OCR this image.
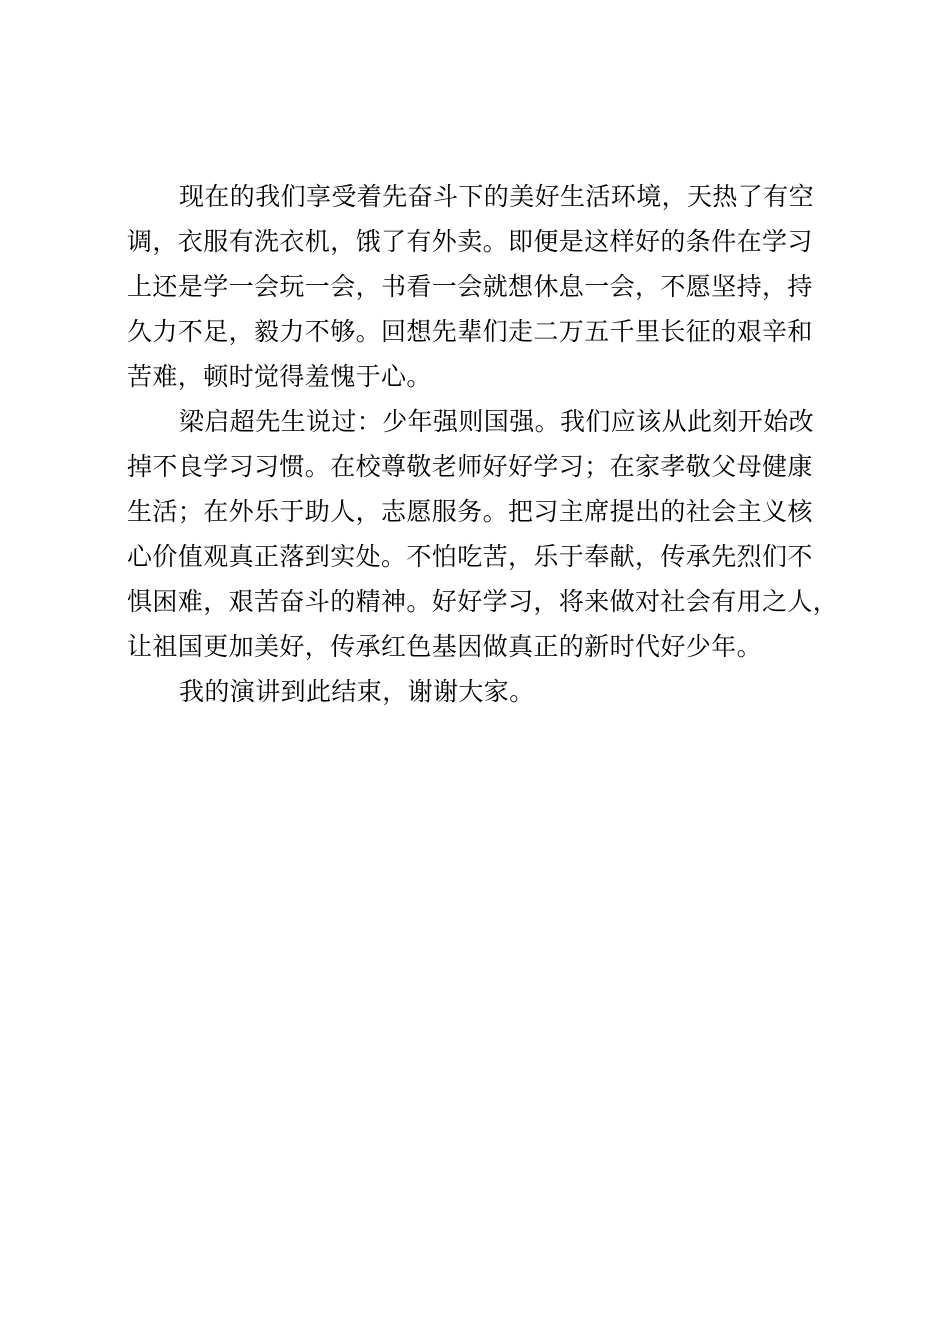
现在的我们享受着先奋斗下的美好生活环境，天热了有空
调，衣服有洗衣机，饿了有外卖。即便是这样好的条件在学习
上还是学一会玩一会，书看一会就想休息一会，不愿坚持，持
久力不足，毅力不够。回想先辈们走二万五千里长征的艰辛和
苦难，顿时觉得羞愧于心。
梁启超先生说过：少年强则国强。我们应该从此刻开始改
掉不良学习习惯。在校尊敬老师好好学习；在家孝敬父母健康
生活；在外乐于助人，志愿服务。把习主席提出的社会主义核
心价值观真正落到实处。不怕吃苦，乐于奉献，传承先烈们不
惧困难，艰苦奋斗的精神。好好学习，将来做对社会有用之人，
让祖国更加美好，传承红色基因做真正的新时代好少年。
我的演讲到此结束，谢谢大家。
